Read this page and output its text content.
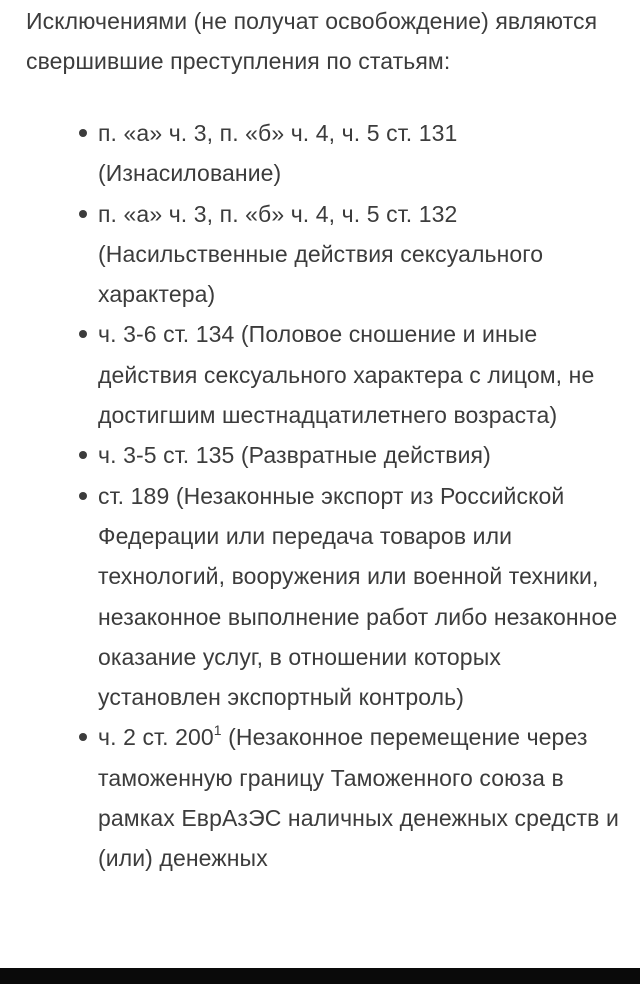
Исключениями (не получат освобождение) являются свершившие преступления по статьям:

п. «а» ч. 3, п. «б» ч. 4, ч. 5 ст. 131 (Изнасилование)
п. «а» ч. 3, п. «б» ч. 4, ч. 5 ст. 132 (Насильственные действия сексуального характера)
ч. 3-6 ст. 134 (Половое сношение и иные действия сексуального характера с лицом, не достигшим шестнадцатилетнего возраста)
ч. 3-5 ст. 135 (Развратные действия)
ст. 189 (Незаконные экспорт из Российской Федерации или передача товаров или технологий, вооружения или военной техники, незаконное выполнение работ либо незаконное оказание услуг, в отношении которых установлен экспортный контроль)
ч. 2 ст. $200^1$ (Незаконное перемещение через таможенную границу Таможенного союза в рамках ЕврАзЭС наличных денежных средств и (или) денежных
